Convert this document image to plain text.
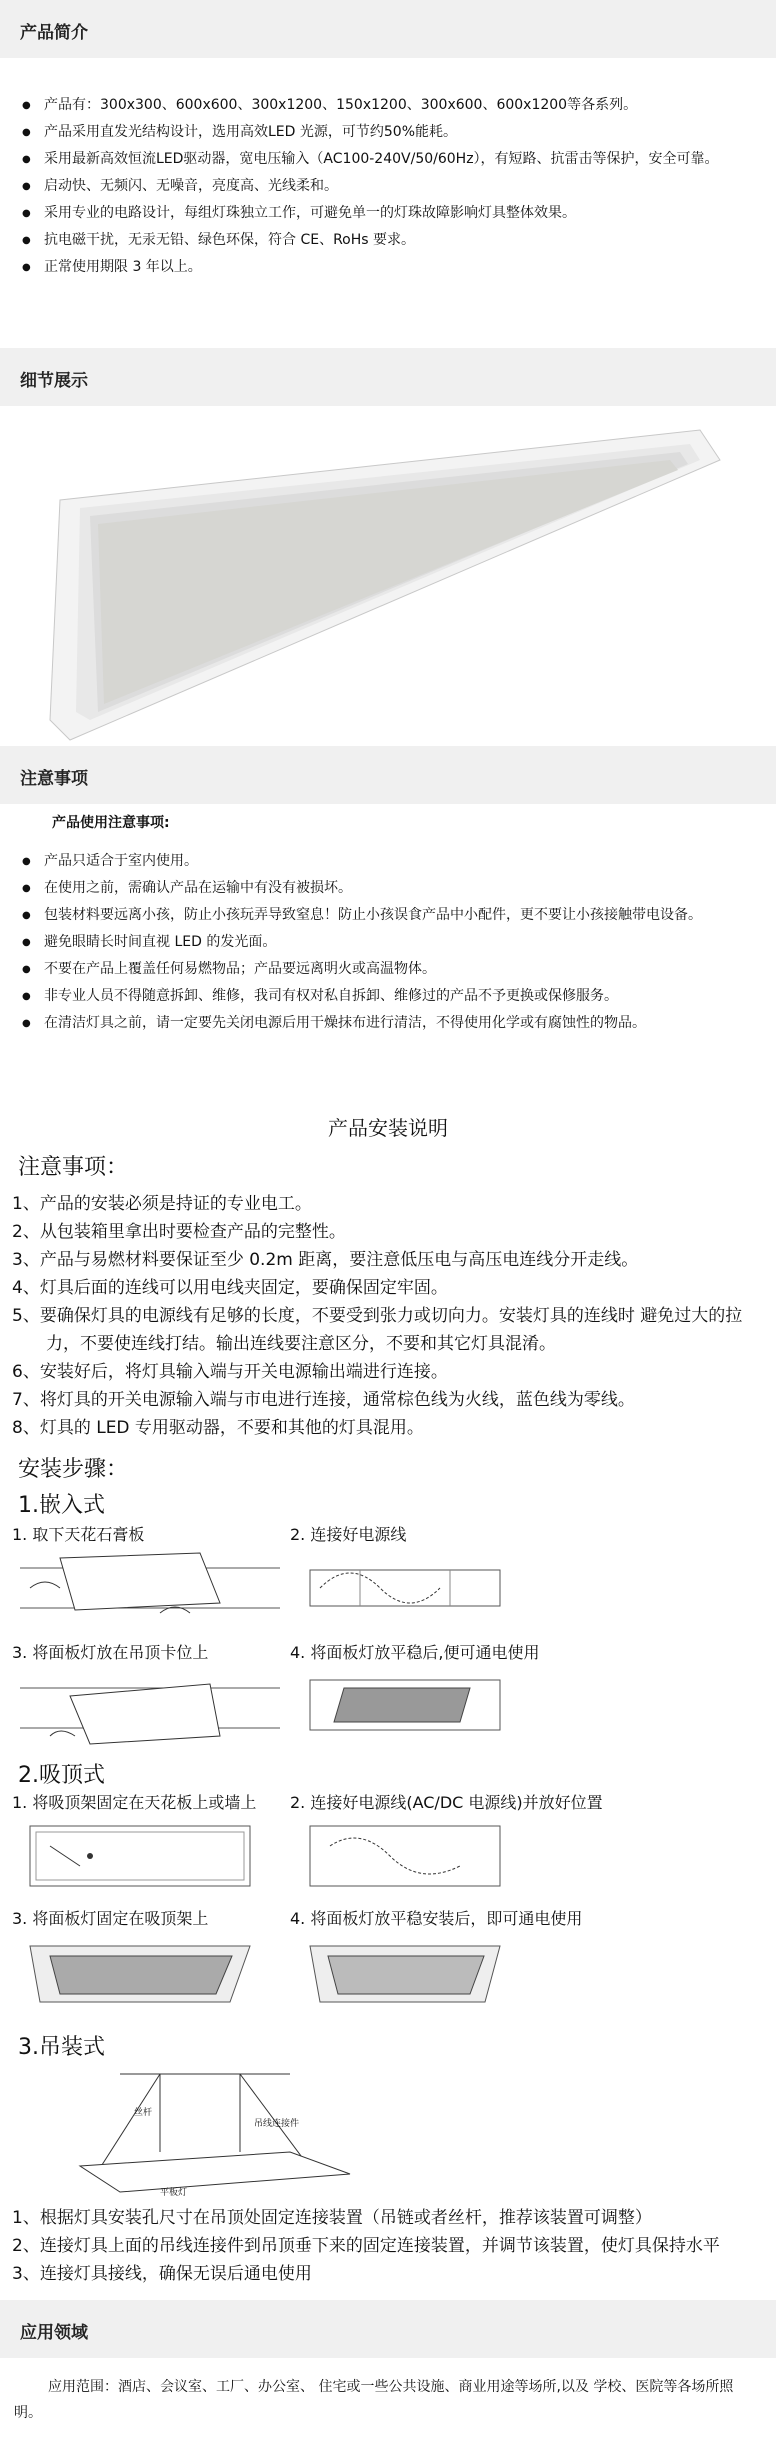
产品简介
● 产品有：300x300、600x600、300x1200、150x1200、300x600、600x1200等各系列。
● 产品采用直发光结构设计，选用高效LED 光源，可节约50%能耗。
● 采用最新高效恒流LED驱动器，宽电压输入（AC100-240V/50/60Hz），有短路、抗雷击等保护，安全可靠。
● 启动快、无频闪、无噪音，亮度高、光线柔和。
● 采用专业的电路设计，每组灯珠独立工作，可避免单一的灯珠故障影响灯具整体效果。
● 抗电磁干扰，无汞无铅、绿色环保，符合 CE、RoHs 要求。
● 正常使用期限 3 年以上。
细节展示
注意事项
产品使用注意事项:
● 产品只适合于室内使用。
● 在使用之前，需确认产品在运输中有没有被损坏。
● 包装材料要远离小孩，防止小孩玩弄导致窒息！防止小孩误食产品中小配件，更不要让小孩接触带电设备。
● 避免眼睛长时间直视 LED 的发光面。
● 不要在产品上覆盖任何易燃物品；产品要远离明火或高温物体。
● 非专业人员不得随意拆卸、维修，我司有权对私自拆卸、维修过的产品不予更换或保修服务。
● 在清洁灯具之前，请一定要先关闭电源后用干燥抹布进行清洁，不得使用化学或有腐蚀性的物品。
产品安装说明
注意事项：
1、产品的安装必须是持证的专业电工。
2、从包装箱里拿出时要检查产品的完整性。
3、产品与易燃材料要保证至少 0.2m 距离，要注意低压电与高压电连线分开走线。
4、灯具后面的连线可以用电线夹固定，要确保固定牢固。
5、要确保灯具的电源线有足够的长度，不要受到张力或切向力。安装灯具的连线时 避免过大的拉力，不要使连线打结。输出连线要注意区分，不要和其它灯具混淆。
6、安装好后，将灯具输入端与开关电源输出端进行连接。
7、将灯具的开关电源输入端与市电进行连接，通常棕色线为火线，蓝色线为零线。
8、灯具的 LED 专用驱动器，不要和其他的灯具混用。
安装步骤：
1.嵌入式
1. 取下天花石膏板	2. 连接好电源线
3. 将面板灯放在吊顶卡位上	4. 将面板灯放平稳后,便可通电使用
2.吸顶式
1. 将吸顶架固定在天花板上或墙上 2. 连接好电源线(AC/DC 电源线)并放好位置
3. 将面板灯固定在吸顶架上	4. 将面板灯放平稳安装后，即可通电使用
3.吊装式
丝杆
吊线连接件
平板灯
1、根据灯具安装孔尺寸在吊顶处固定连接装置（吊链或者丝杆，推荐该装置可调整）
2、连接灯具上面的吊线连接件到吊顶垂下来的固定连接装置，并调节该装置，使灯具保持水平
3、连接灯具接线，确保无误后通电使用
应用领域
应用范围：酒店、会议室、工厂、办公室、 住宅或一些公共设施、商业用途等场所,以及 学校、医院等各场所照明。
